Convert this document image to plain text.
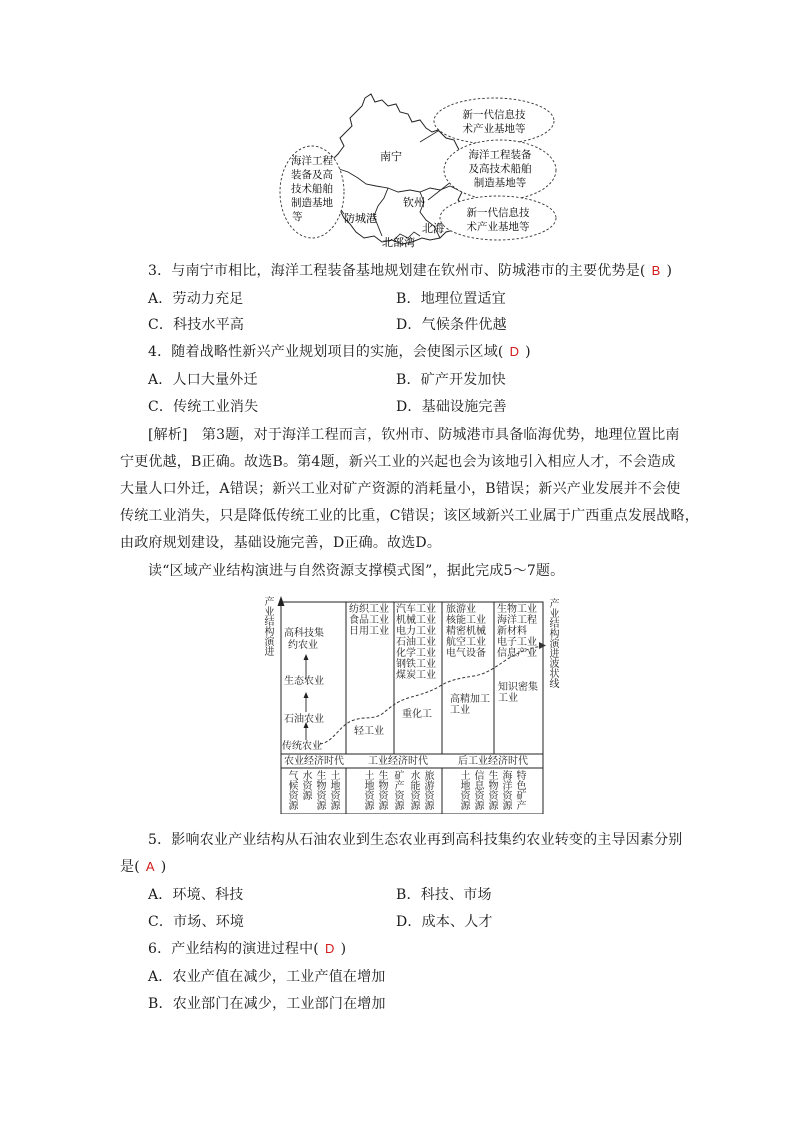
南宁
钦州
防城港
北海
北部湾
新一代信息技
术产业基地等
海洋工程装备
及高技术船舶
制造基地等
新一代信息技
术产业基地等
海洋工程
装备及高
技术船舶
制造基地
等
3．与南宁市相比，海洋工程装备基地规划建在钦州市、防城港市的主要优势是( B )
A．劳动力充足	B．地理位置适宜
C．科技水平高	D．气候条件优越
4．随着战略性新兴产业规划项目的实施，会使图示区域( D )
A．人口大量外迁	B．矿产开发加快
C．传统工业消失	D．基础设施完善
[解析]　第3题，对于海洋工程而言，钦州市、防城港市具备临海优势，地理位置比南
宁更优越，B正确。故选B。第4题，新兴工业的兴起也会为该地引入相应人才，不会造成
大量人口外迁，A错误；新兴工业对矿产资源的消耗量小，B错误；新兴产业发展并不会使
传统工业消失，只是降低传统工业的比重，C错误；该区域新兴工业属于广西重点发展战略，
由政府规划建设，基础设施完善，D正确。故选D。
读“区域产业结构演进与自然资源支撑模式图”，据此完成5～7题。
产业结构演进	产业结构演进波状线
高科技集
约农业
生态农业
石油农业
传统农业
纺织工业
食品工业
日用工业
轻工业
汽车工业
机械工业
电力工业
石油工业
化学工业
钢铁工业
煤炭工业
重化工
旅游业
核能工业
精密机械
航空工业
电气设备
高精加工
工业
生物工业
海洋工程
新材料
电子工业
信息产业
知识密集
工业
农业经济时代 工业经济时代	后工业经济时代
气候资源 水资源 生物资源 土地资源 土地资源 生物资源 矿产资源 水能资源 旅游资源	土地资源 信息资源 生物资源 海洋资源 特色矿产
5．影响农业产业结构从石油农业到生态农业再到高科技集约农业转变的主导因素分别
是( A )
A．环境、科技	B．科技、市场
C．市场、环境	D．成本、人才
6．产业结构的演进过程中( D )
A．农业产值在减少，工业产值在增加
B．农业部门在减少，工业部门在增加
